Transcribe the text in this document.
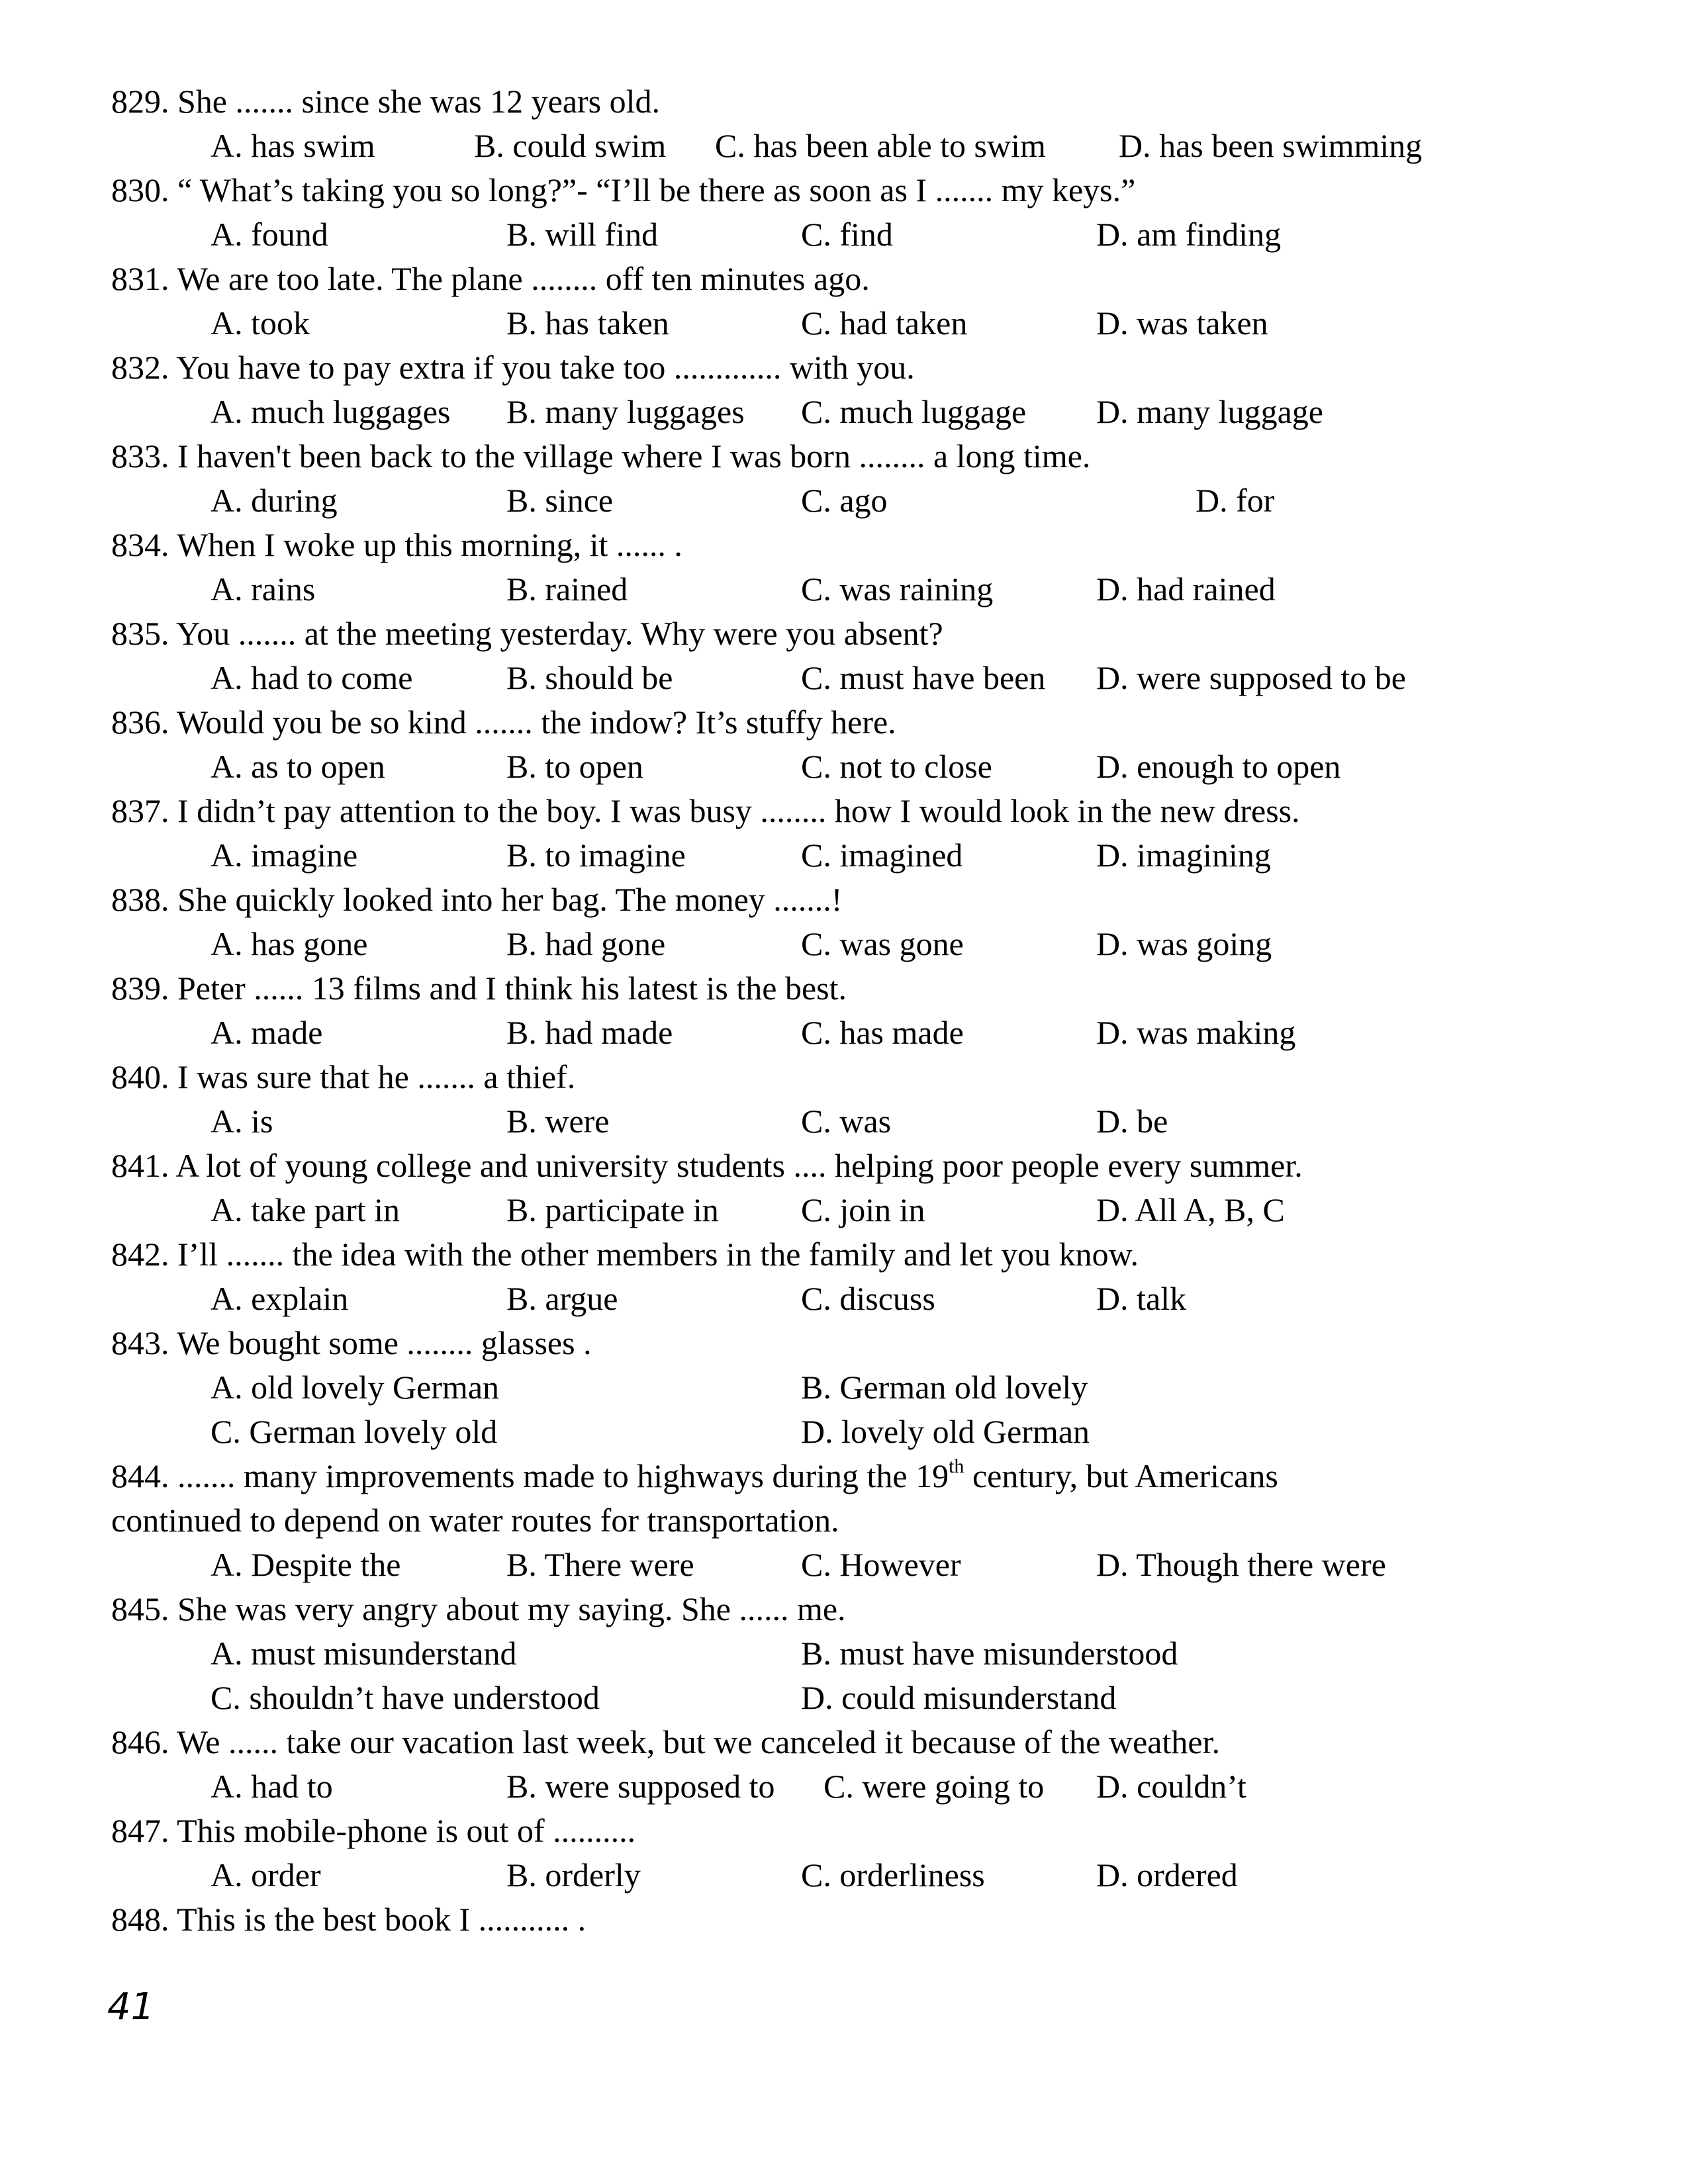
829. She ....... since she was 12 years old.
A. has swim	B. could swim C. has been able to swim D. has been swimming
830. “ What’s taking you so long?”- “I’ll be there as soon as I ....... my keys.”
A. found	B. will find	C. find	D. am finding
831. We are too late. The plane ........ off ten minutes ago.
A. took	B. has taken	C. had taken	D. was taken
832. You have to pay extra if you take too ............. with you.
A. much luggages B. many luggages C. much luggage D. many luggage
833. I haven't been back to the village where I was born ........ a long time.
A. during	B. since	C. ago	D. for
834. When I woke up this morning, it ...... .
A. rains	B. rained	C. was raining	D. had rained
835. You ....... at the meeting yesterday. Why were you absent?
A. had to come	B. should be	C. must have been D. were supposed to be
836. Would you be so kind ....... the indow? It’s stuffy here.
A. as to open	B. to open	C. not to close	D. enough to open
837. I didn’t pay attention to the boy. I was busy ........ how I would look in the new dress.
A. imagine	B. to imagine	C. imagined	D. imagining
838. She quickly looked into her bag. The money .......!
A. has gone	B. had gone	C. was gone	D. was going
839. Peter ...... 13 films and I think his latest is the best.
A. made	B. had made	C. has made	D. was making
840. I was sure that he ....... a thief.
A. is	B. were	C. was	D. be
841. A lot of young college and university students .... helping poor people every summer.
A. take part in	B. participate in C. join in	D. All A, B, C
842. I’ll ....... the idea with the other members in the family and let you know.
A. explain	B. argue	C. discuss	D. talk
843. We bought some ........ glasses .
A. old lovely German	B. German old lovely
C. German lovely old	D. lovely old German
844. ....... many improvements made to highways during the 19th century, but Americans
continued to depend on water routes for transportation.
A. Despite the	B. There were	C. However	D. Though there were
845. She was very angry about my saying. She ...... me.
A. must misunderstand	B. must have misunderstood
C. shouldn’t have understood	D. could misunderstand
846. We ...... take our vacation last week, but we canceled it because of the weather.
A. had to	B. were supposed to C. were going to D. couldn’t
847. This mobile-phone is out of ..........
A. order	B. orderly	C. orderliness	D. ordered
848. This is the best book I ........... .
41
